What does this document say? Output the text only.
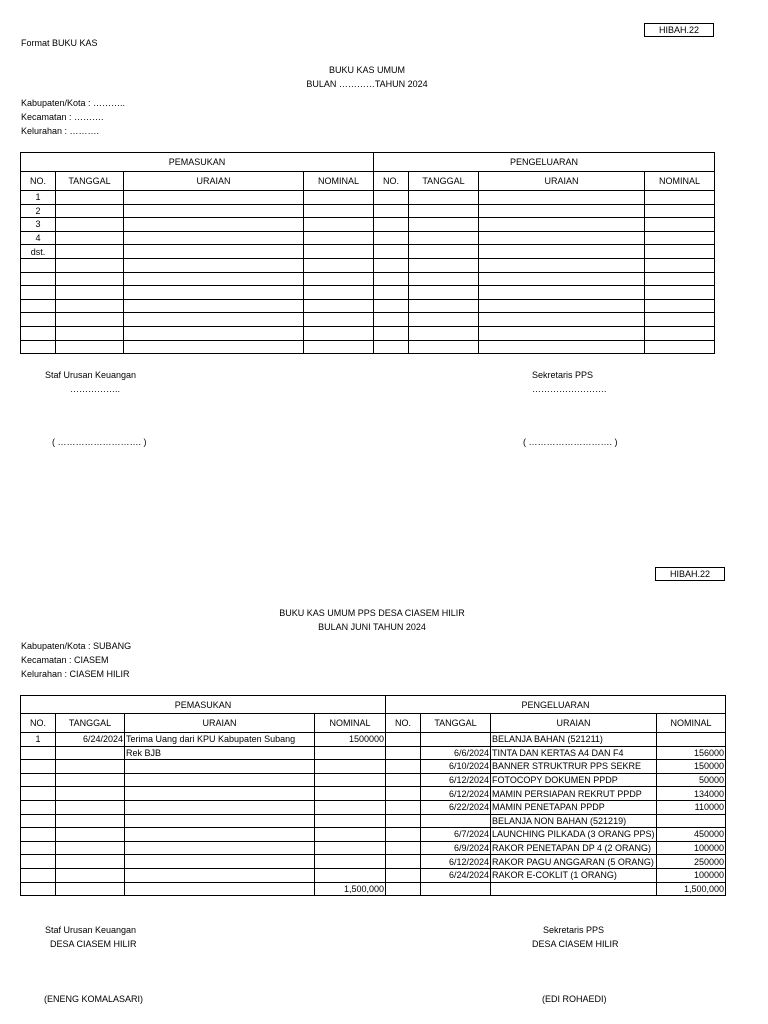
HIBAH.22
Format BUKU KAS
BUKU KAS UMUM
BULAN …………TAHUN 2024
Kabupaten/Kota : ………..
Kecamatan : ……….
Kelurahan : ……….
PEMASUKAN				PENGELUARAN			
NO.	TANGGAL	URAIAN	NOMINAL	NO.	TANGGAL	URAIAN	NOMINAL
1							
2							
3							
4							
dst.							

Staf Urusan Keuangan
……………..
( ………………………. )
Sekretaris PPS
…………………….
( ………………………. )
HIBAH.22
BUKU KAS UMUM PPS DESA CIASEM HILIR
BULAN JUNI TAHUN 2024
Kabupaten/Kota : SUBANG
Kecamatan : CIASEM
Kelurahan : CIASEM HILIR
PEMASUKAN				PENGELUARAN			
NO.	TANGGAL	URAIAN	NOMINAL	NO.	TANGGAL	URAIAN	NOMINAL
1	6/24/2024	Terima Uang dari KPU Kabupaten Subang	1500000			BELANJA BAHAN (521211)	
		Rek BJB			6/6/2024	TINTA DAN KERTAS A4 DAN F4	156000
					6/10/2024	BANNER STRUKTRUR PPS SEKRE	150000
					6/12/2024	FOTOCOPY DOKUMEN PPDP	50000
					6/12/2024	MAMIN PERSIAPAN REKRUT PPDP	134000
					6/22/2024	MAMIN PENETAPAN PPDP	110000
						BELANJA NON BAHAN (521219)	
					6/7/2024	LAUNCHING PILKADA (3 ORANG PPS)	450000
					6/9/2024	RAKOR PENETAPAN DP 4 (2 ORANG)	100000
					6/12/2024	RAKOR PAGU ANGGARAN (5 ORANG)	250000
					6/24/2024	RAKOR E-COKLIT (1 ORANG)	100000
			1,500,000				1,500,000
Staf Urusan Keuangan
DESA CIASEM HILIR
(ENENG KOMALASARI)
Sekretaris PPS
DESA CIASEM HILIR
(EDI ROHAEDI)
